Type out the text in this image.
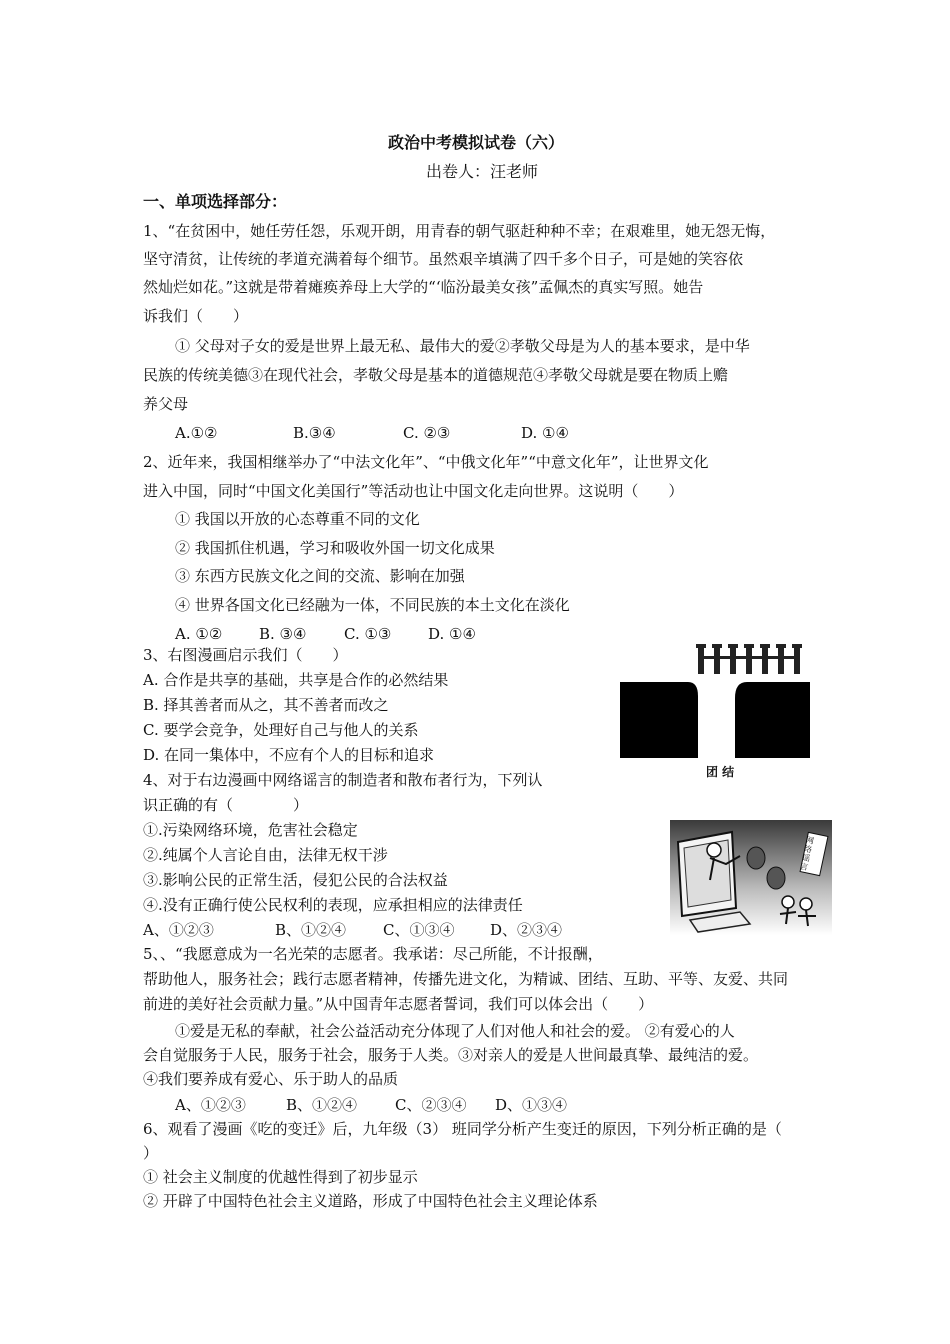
政治中考模拟试卷（六）
出卷人：汪老师
一、单项选择部分：
1、“在贫困中，她任劳任怨，乐观开朗，用青春的朝气驱赶种种不幸；在艰难里，她无怨无悔，
坚守清贫，让传统的孝道充满着每个细节。虽然艰辛填满了四千多个日子，可是她的笑容依
然灿烂如花。”这就是带着瘫痪养母上大学的“‘临汾最美女孩”孟佩杰的真实写照。她告
诉我们（　　）
① 父母对子女的爱是世界上最无私、最伟大的爱②孝敬父母是为人的基本要求，是中华
民族的传统美德③在现代社会，孝敬父母是基本的道德规范④孝敬父母就是要在物质上赡
养父母
A.①②	B.③④	C. ②③	D. ①④
2、近年来，我国相继举办了“中法文化年”、“中俄文化年”“中意文化年”，让世界文化
进入中国，同时“中国文化美国行”等活动也让中国文化走向世界。这说明（　　）
① 我国以开放的心态尊重不同的文化
② 我国抓住机遇，学习和吸收外国一切文化成果
③ 东西方民族文化之间的交流、影响在加强
④ 世界各国文化已经融为一体，不同民族的本土文化在淡化
A. ①② B. ③④	C. ①③ D. ①④
3、右图漫画启示我们（　　）
A. 合作是共享的基础，共享是合作的必然结果
B. 择其善者而从之，其不善者而改之
C. 要学会竞争，处理好自己与他人的关系
D. 在同一集体中，不应有个人的目标和追求
团 结
4、对于右边漫画中网络谣言的制造者和散布者行为，下列认
识正确的有（　　　　）
①.污染网络环境，危害社会稳定
②.纯属个人言论自由，法律无权干涉
③.影响公民的正常生活，侵犯公民的合法权益
④.没有正确行使公民权利的表现，应承担相应的法律责任
A、①②③	B、①②④ C、①③④ D、②③④
网络谣言
5、、“我愿意成为一名光荣的志愿者。我承诺：尽己所能，不计报酬，
帮助他人，服务社会；践行志愿者精神，传播先进文化，为精诚、团结、互助、平等、友爱、共同
前进的美好社会贡献力量。”从中国青年志愿者誓词，我们可以体会出（　　）
①爱是无私的奉献，社会公益活动充分体现了人们对他人和社会的爱。 ②有爱心的人
会自觉服务于人民，服务于社会，服务于人类。③对亲人的爱是人世间最真挚、最纯洁的爱。
④我们要养成有爱心、乐于助人的品质
A、①②③	B、①②④	C、②③④ D、①③④
6、观看了漫画《吃的变迁》后，九年级（3） 班同学分析产生变迁的原因，下列分析正确的是（
）
① 社会主义制度的优越性得到了初步显示
② 开辟了中国特色社会主义道路，形成了中国特色社会主义理论体系
